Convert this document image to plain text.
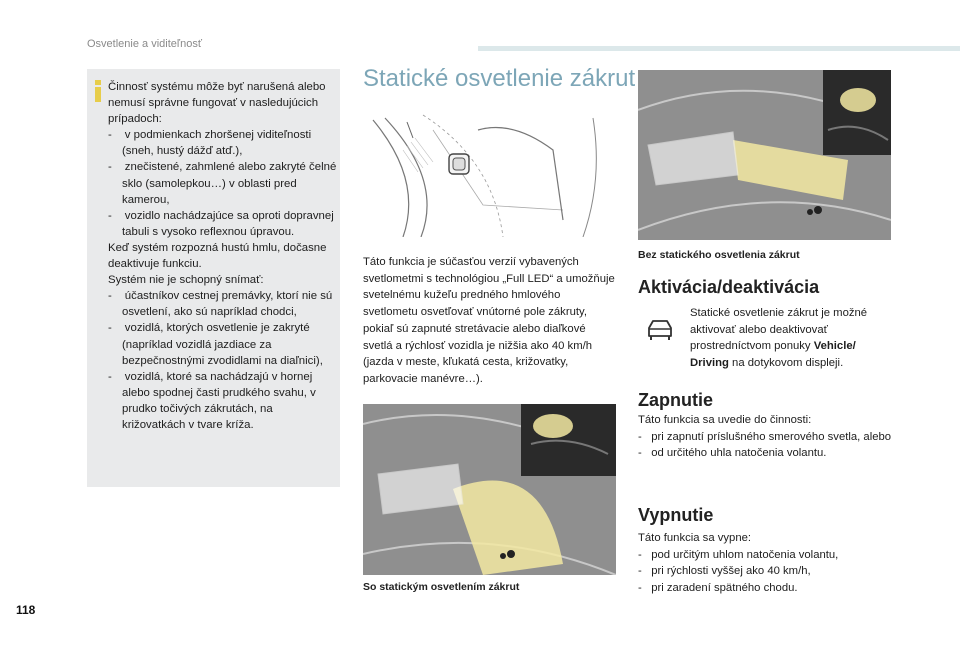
Osvetlenie a viditeľnosť

Činnosť systému môže byť narušená alebo nemusí správne fungovať v nasledujúcich prípadoch:

- v podmienkach zhoršenej viditeľnosti (sneh, hustý dážď atď.),

- znečistené, zahmlené alebo zakryté čelné sklo (samolepkou…) v oblasti pred kamerou,

- vozidlo nachádzajúce sa oproti dopravnej tabuli s vysoko reflexnou úpravou.

Keď systém rozpozná hustú hmlu, dočasne deaktivuje funkciu.

Systém nie je schopný snímať:

- účastníkov cestnej premávky, ktorí nie sú osvetlení, ako sú napríklad chodci,

- vozidlá, ktorých osvetlenie je zakryté (napríklad vozidlá jazdiace za bezpečnostnými zvodidlami na diaľnici),

- vozidlá, ktoré sa nachádzajú v hornej alebo spodnej časti prudkého svahu, v prudko točivých zákrutách, na križovatkách v tvare kríža.

Statické osvetlenie zákrut
Táto funkcia je súčasťou verzií vybavených svetlometmi s technológiou „Full LED“ a umožňuje svetelnému kužeľu predného hmlového svetlometu osvetľovať vnútorné pole zákruty, pokiaľ sú zapnuté stretávacie alebo diaľkové svetlá a rýchlosť vozidla je nižšia ako 40 km/h (jazda v meste, kľukatá cesta, križovatky, parkovacie manévre…).
So statickým osvetlením zákrut
Bez statického osvetlenia zákrut
Aktivácia/deaktivácia
Statické osvetlenie zákrut je možné aktivovať alebo deaktivovať prostredníctvom ponuky Vehicle/ Driving na dotykovom displeji.
Zapnutie

Táto funkcia sa uvedie do činnosti:

-   pri zapnutí príslušného smerového svetla, alebo

-   od určitého uhla natočenia volantu.

Vypnutie

Táto funkcia sa vypne:

-   pod určitým uhlom natočenia volantu,

-   pri rýchlosti vyššej ako 40 km/h,

-   pri zaradení spätného chodu.

118
